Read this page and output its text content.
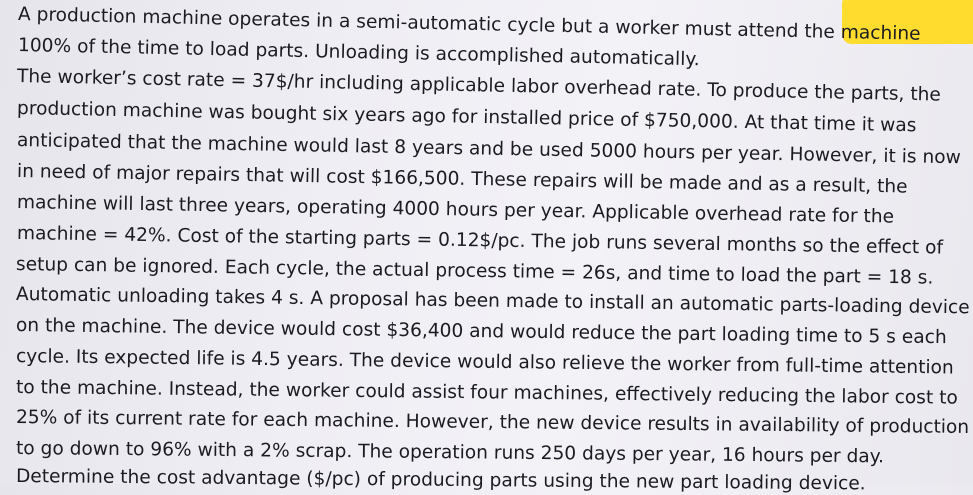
A production machine operates in a semi-automatic cycle but a worker must attend the machine
100% of the time to load parts. Unloading is accomplished automatically.
The worker’s cost rate = 37$/hr including applicable labor overhead rate. To produce the parts, the
production machine was bought six years ago for installed price of $750,000. At that time it was
anticipated that the machine would last 8 years and be used 5000 hours per year. However, it is now
in need of major repairs that will cost $166,500. These repairs will be made and as a result, the
machine will last three years, operating 4000 hours per year. Applicable overhead rate for the
machine = 42%. Cost of the starting parts = 0.12$/pc. The job runs several months so the effect of
setup can be ignored. Each cycle, the actual process time = 26s, and time to load the part = 18 s.
Automatic unloading takes 4 s. A proposal has been made to install an automatic parts-loading device
on the machine. The device would cost $36,400 and would reduce the part loading time to 5 s each
cycle. Its expected life is 4.5 years. The device would also relieve the worker from full-time attention
to the machine. Instead, the worker could assist four machines, effectively reducing the labor cost to
25% of its current rate for each machine. However, the new device results in availability of production
to go down to 96% with a 2% scrap. The operation runs 250 days per year, 16 hours per day.
Determine the cost advantage ($/pc) of producing parts using the new part loading device.
